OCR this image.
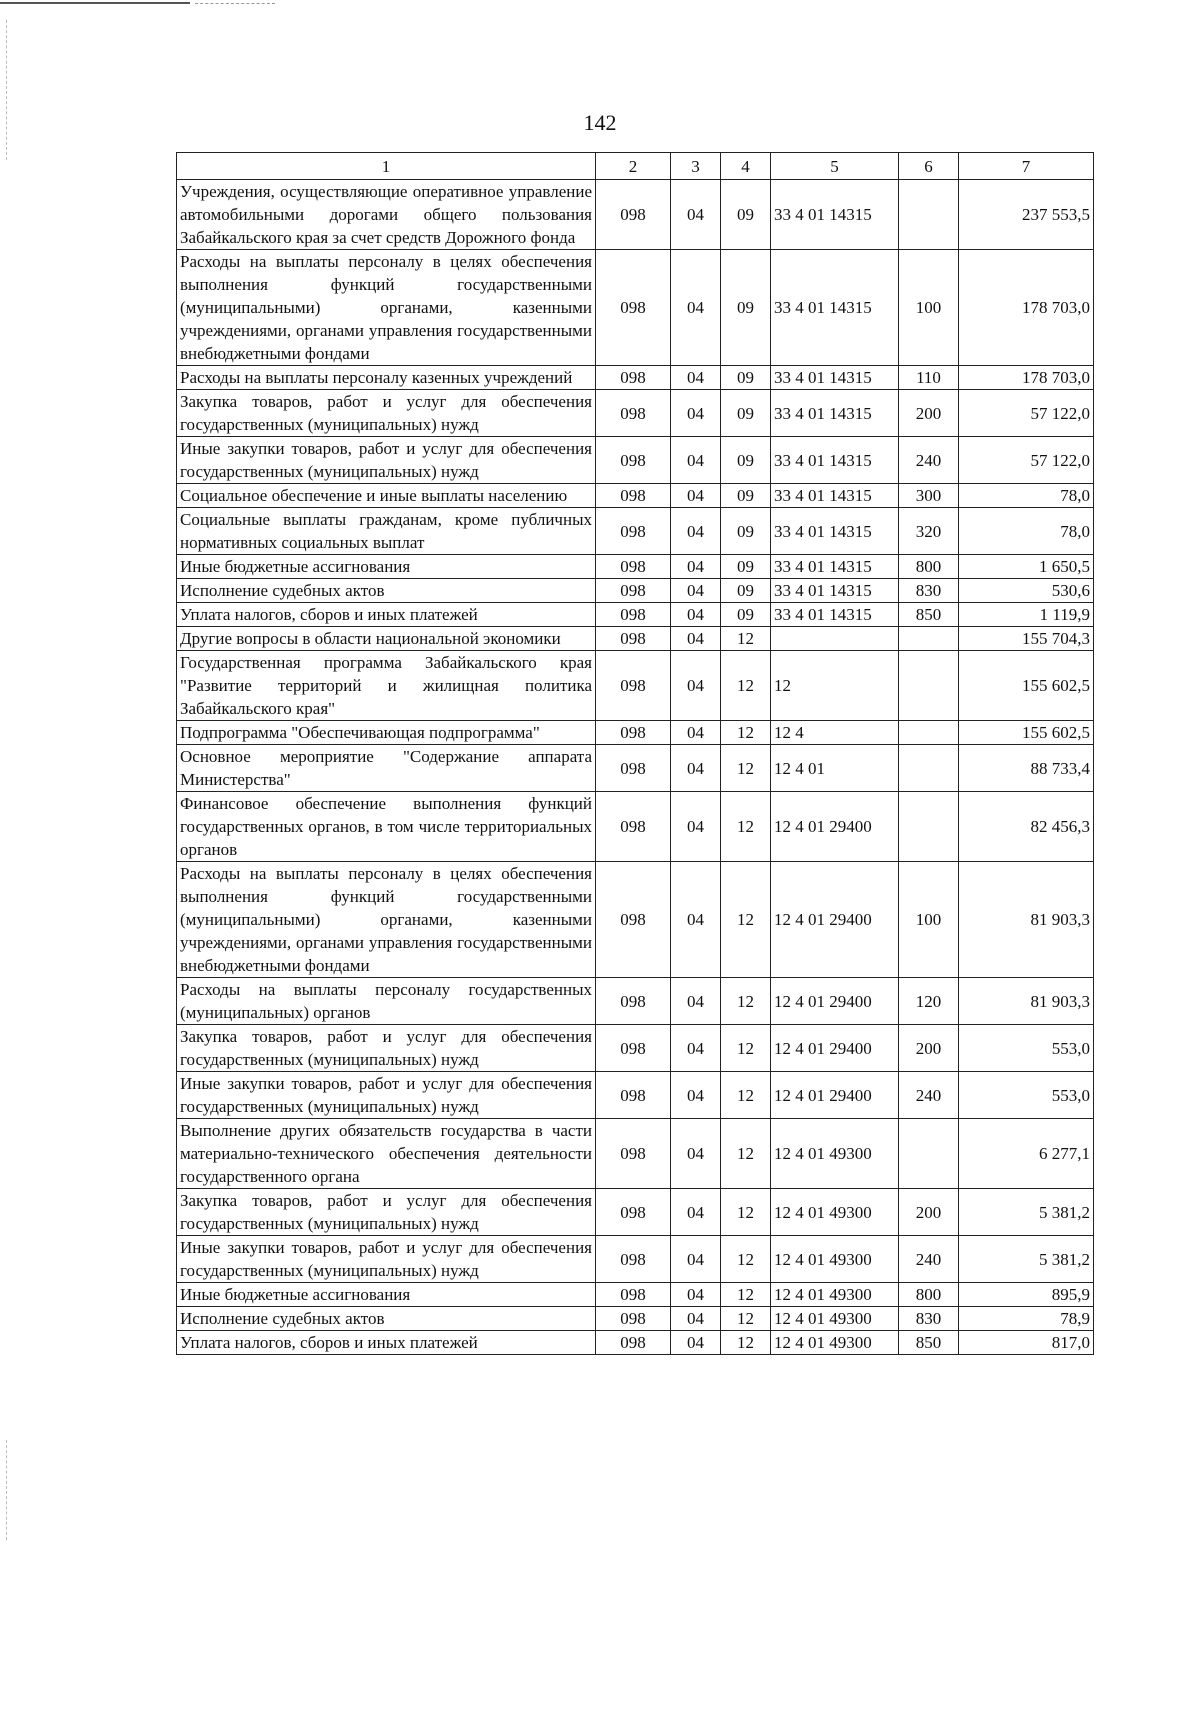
142
1	2	3	4	5	6	7
Учреждения, осуществляющие оперативное управление автомобильными дорогами общего пользования Забайкальского края за счет средств Дорожного фонда	098	04	09	33 4 01 14315		237 553,5
Расходы на выплаты персоналу в целях обеспечения выполнения функций государственными (муниципальными) органами, казенными учреждениями, органами управления государственными внебюджетными фондами	098	04	09	33 4 01 14315	100	178 703,0
Расходы на выплаты персоналу казенных учреждений	098	04	09	33 4 01 14315	110	178 703,0
Закупка товаров, работ и услуг для обеспечения государственных (муниципальных) нужд	098	04	09	33 4 01 14315	200	57 122,0
Иные закупки товаров, работ и услуг для обеспечения государственных (муниципальных) нужд	098	04	09	33 4 01 14315	240	57 122,0
Социальное обеспечение и иные выплаты населению	098	04	09	33 4 01 14315	300	78,0
Социальные выплаты гражданам, кроме публичных нормативных социальных выплат	098	04	09	33 4 01 14315	320	78,0
Иные бюджетные ассигнования	098	04	09	33 4 01 14315	800	1 650,5
Исполнение судебных актов	098	04	09	33 4 01 14315	830	530,6
Уплата налогов, сборов и иных платежей	098	04	09	33 4 01 14315	850	1 119,9
Другие вопросы в области национальной экономики	098	04	12			155 704,3
Государственная программа Забайкальского края "Развитие территорий и жилищная политика Забайкальского края"	098	04	12	12		155 602,5
Подпрограмма "Обеспечивающая подпрограмма"	098	04	12	12 4		155 602,5
Основное мероприятие "Содержание аппарата Министерства"	098	04	12	12 4 01		88 733,4
Финансовое обеспечение выполнения функций государственных органов, в том числе территориальных органов	098	04	12	12 4 01 29400		82 456,3
Расходы на выплаты персоналу в целях обеспечения выполнения функций государственными (муниципальными) органами, казенными учреждениями, органами управления государственными внебюджетными фондами	098	04	12	12 4 01 29400	100	81 903,3
Расходы на выплаты персоналу государственных (муниципальных) органов	098	04	12	12 4 01 29400	120	81 903,3
Закупка товаров, работ и услуг для обеспечения государственных (муниципальных) нужд	098	04	12	12 4 01 29400	200	553,0
Иные закупки товаров, работ и услуг для обеспечения государственных (муниципальных) нужд	098	04	12	12 4 01 29400	240	553,0
Выполнение других обязательств государства в части материально-технического обеспечения деятельности государственного органа	098	04	12	12 4 01 49300		6 277,1
Закупка товаров, работ и услуг для обеспечения государственных (муниципальных) нужд	098	04	12	12 4 01 49300	200	5 381,2
Иные закупки товаров, работ и услуг для обеспечения государственных (муниципальных) нужд	098	04	12	12 4 01 49300	240	5 381,2
Иные бюджетные ассигнования	098	04	12	12 4 01 49300	800	895,9
Исполнение судебных актов	098	04	12	12 4 01 49300	830	78,9
Уплата налогов, сборов и иных платежей	098	04	12	12 4 01 49300	850	817,0
